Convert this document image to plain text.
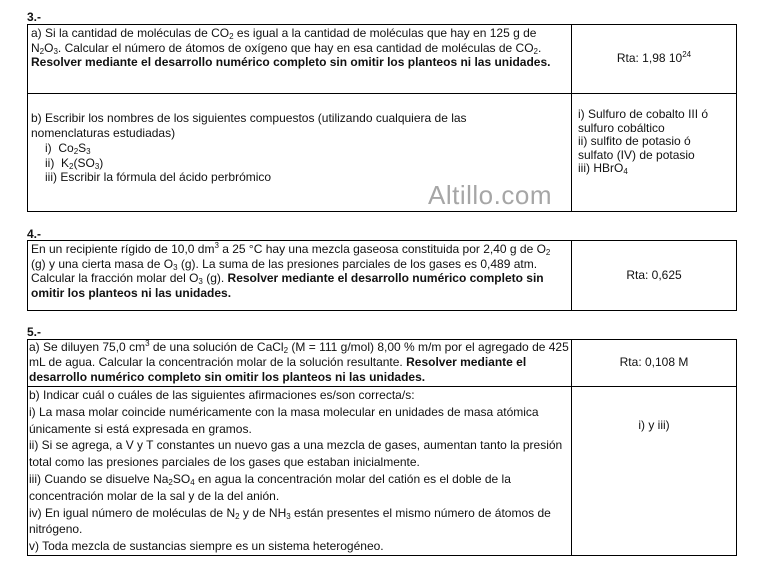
3.-
a) Si la cantidad de moléculas de $CO_2$ es igual a la cantidad de moléculas que hay en 125 g de $N_2O_3$. Calcular el número de átomos de oxígeno que hay en esa cantidad de moléculas de $CO_2$. Resolver mediante el desarrollo numérico completo sin omitir los planteos ni las unidades.	Rta: 1,98 $10^{24}$
b) Escribir los nombres de los siguientes compuestos (utilizando cualquiera de las nomenclaturas estudiadas)
i) $Co_2S_3$
ii) $K_2(SO_3)$
iii) Escribir la fórmula del ácido perbrómico
Altillo.com
i) Sulfuro de cobalto III ó
sulfuro cobáltico
ii) sulfito de potasio ó
sulfato (IV) de potasio
iii) HBrO$_4$
4.-
En un recipiente rígido de 10,0 $dm^3$ a 25 °C hay una mezcla gaseosa constituida por 2,40 g de $O_2$ (g) y una cierta masa de $O_3$ (g). La suma de las presiones parciales de los gases es 0,489 atm. Calcular la fracción molar del $O_3$ (g). Resolver mediante el desarrollo numérico completo sin omitir los planteos ni las unidades.
Rta: 0,625
5.-
a) Se diluyen 75,0 $cm^3$ de una solución de CaCl$_2$ (M = 111 g/mol) 8,00 % m/m por el agregado de 425 mL de agua. Calcular la concentración molar de la solución resultante. Resolver mediante el desarrollo numérico completo sin omitir los planteos ni las unidades.
Rta: 0,108 M
b) Indicar cuál o cuáles de las siguientes afirmaciones es/son correcta/s:
i) La masa molar coincide numéricamente con la masa molecular en unidades de masa atómica únicamente si está expresada en gramos.
ii) Si se agrega, a V y T constantes un nuevo gas a una mezcla de gases, aumentan tanto la presión total como las presiones parciales de los gases que estaban inicialmente.
iii) Cuando se disuelve $Na_2SO_4$ en agua la concentración molar del catión es el doble de la concentración molar de la sal y de la del anión.
iv) En igual número de moléculas de $N_2$ y de $NH_3$ están presentes el mismo número de átomos de nitrógeno.
v) Toda mezcla de sustancias siempre es un sistema heterogéneo.
i) y iii)
